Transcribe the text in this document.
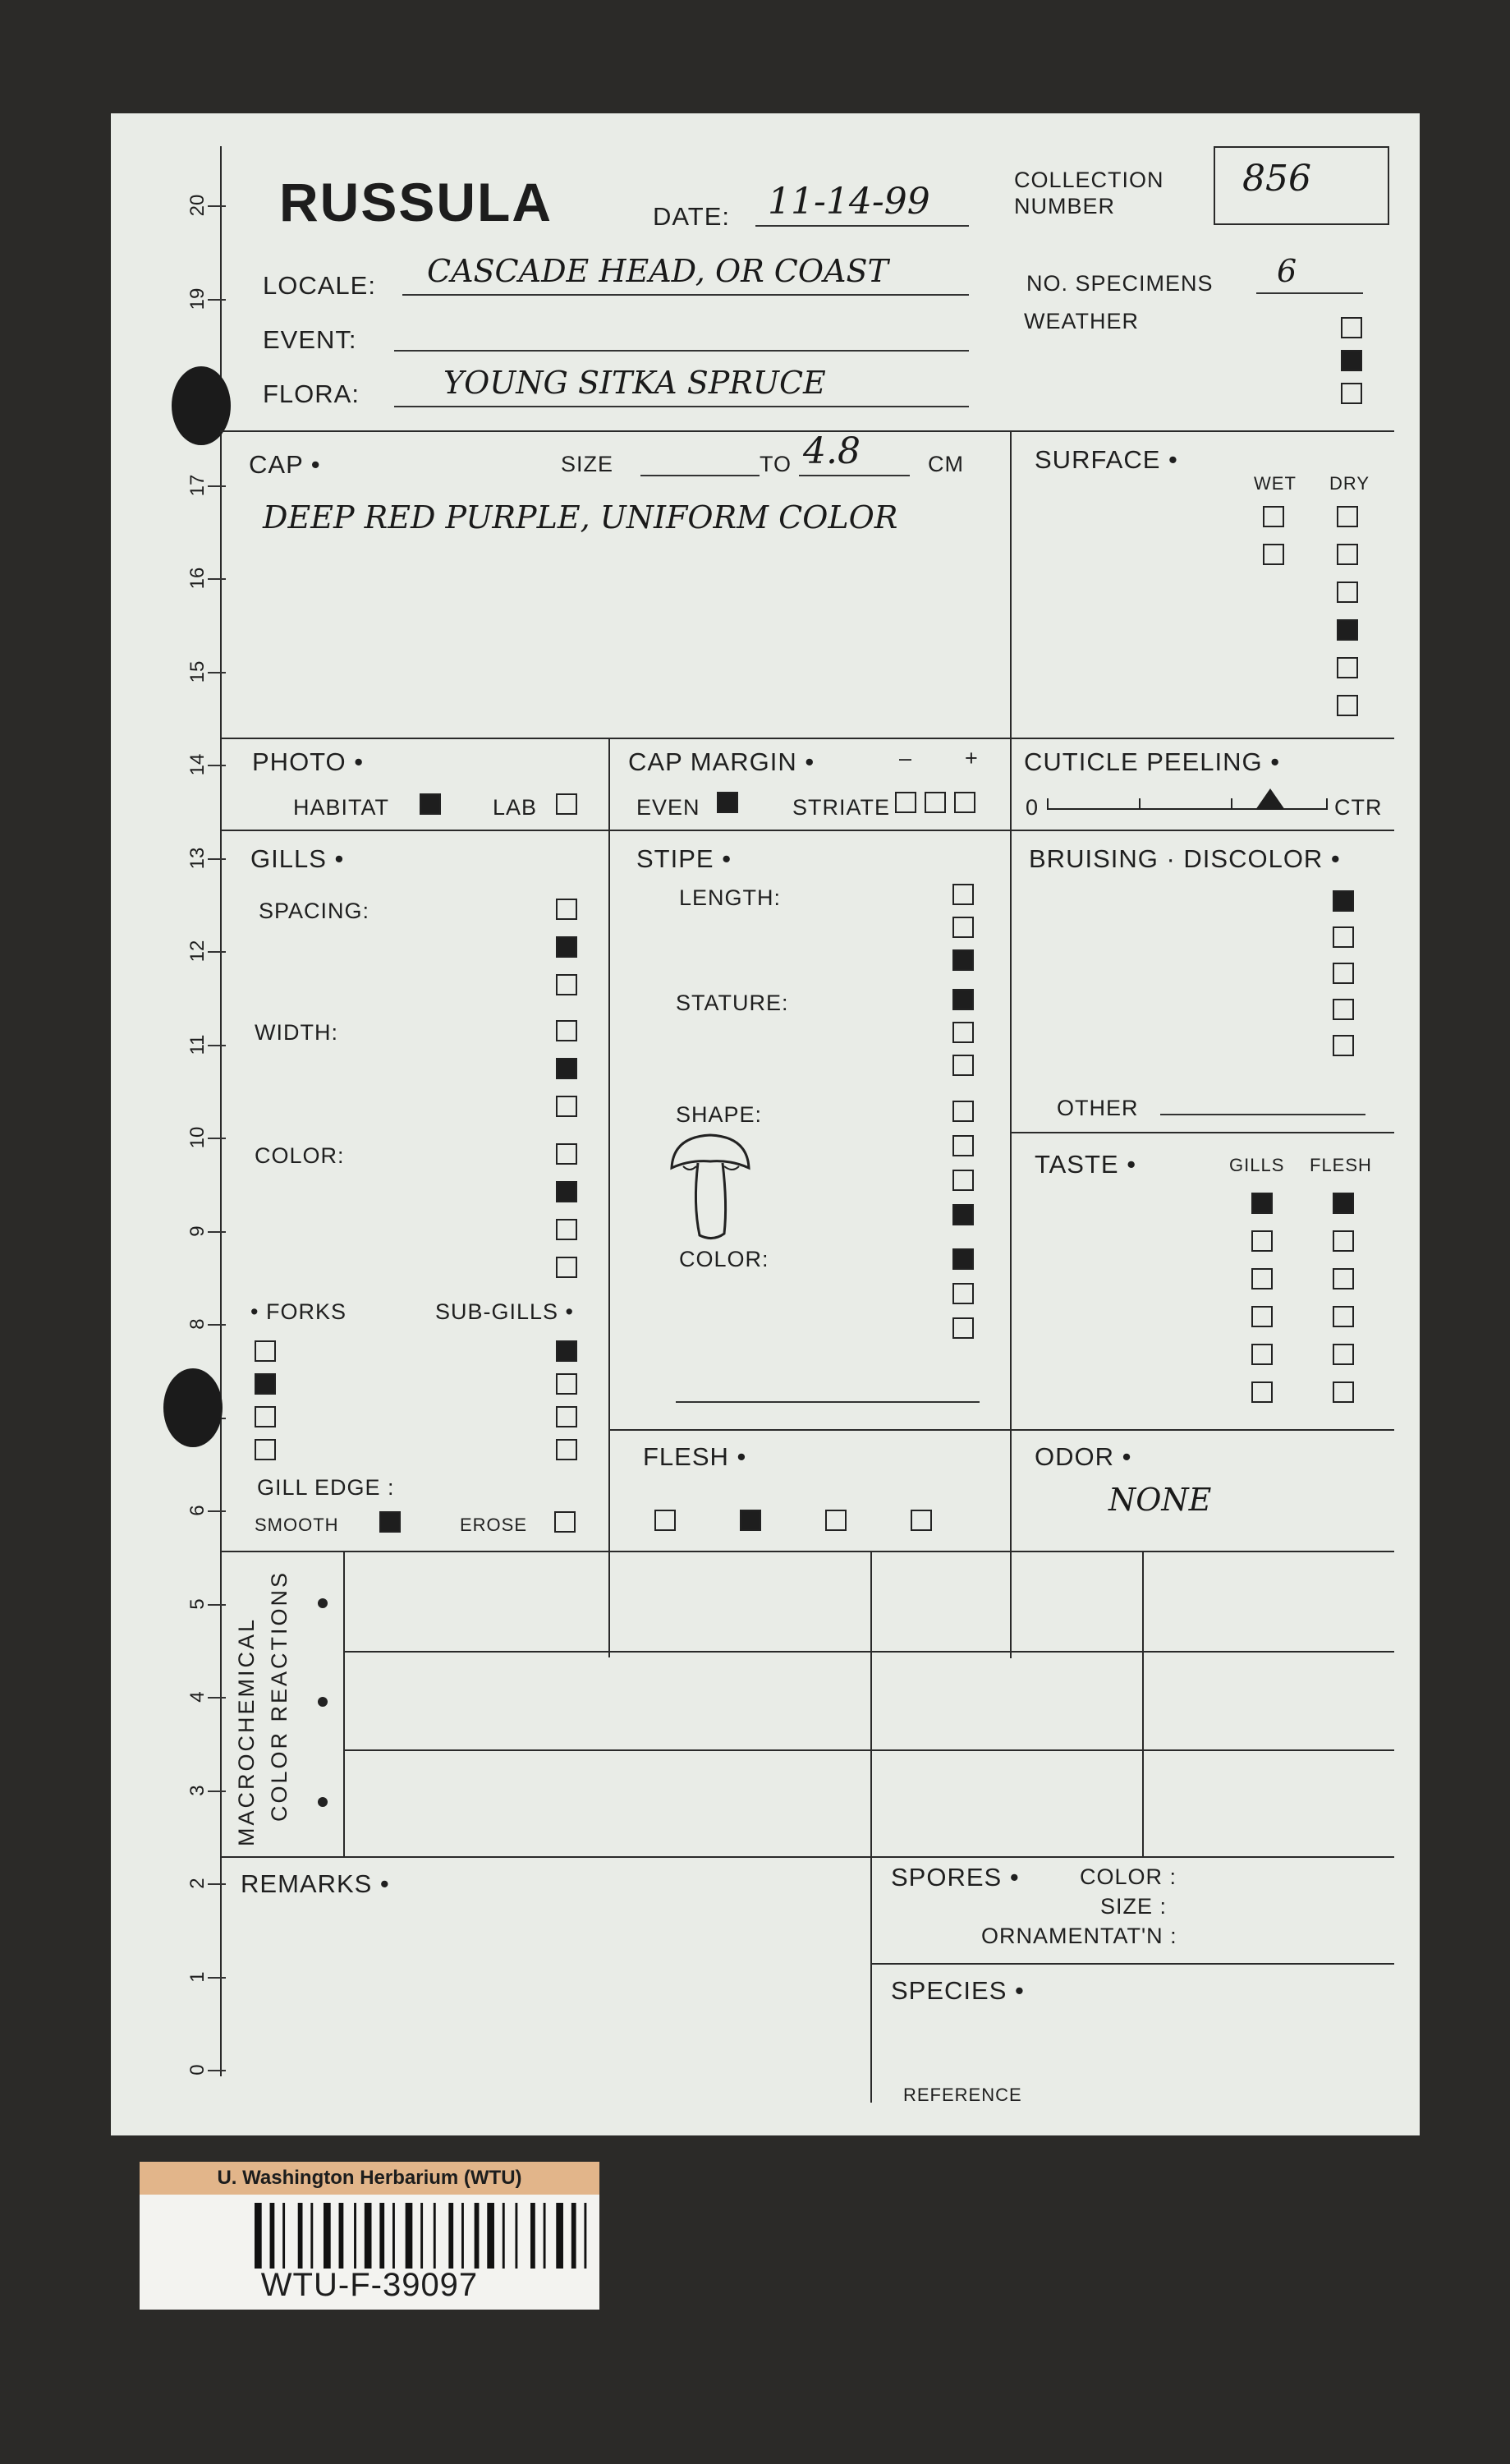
20
19
17
16
15
14
13
12
11
10
9
8
6
5
4
3
2
1
0
RUSSULA	DATE: 11-14-99
COLLECTION
NUMBER
856
LOCALE: CASCADE HEAD, OR COAST
EVENT:
FLORA:	YOUNG SITKA SPRUCE
NO. SPECIMENS 6
WEATHER
CAP •	SIZE	TO 4.8	CM
DEEP RED PURPLE, UNIFORM COLOR
SURFACE •
WET DRY
PHOTO •
HABITAT	LAB
CAP MARGIN •	– +
EVEN	STRIATE
CUTICLE PEELING •
0	CTR
GILLS •
SPACING:
WIDTH:
COLOR:
• FORKS	SUB-GILLS •
GILL EDGE :
SMOOTH	EROSE
STIPE •
LENGTH:
STATURE:
SHAPE:
COLOR:
BRUISING · DISCOLOR •
OTHER
TASTE •	GILLS FLESH
FLESH •	ODOR •
NONE
MACROCHEMICAL COLOR REACTIONS
REMARKS •	SPORES •	COLOR :
SIZE :
ORNAMENTAT'N :
SPECIES •
REFERENCE
U. Washington Herbarium (WTU)
WTU-F-39097
